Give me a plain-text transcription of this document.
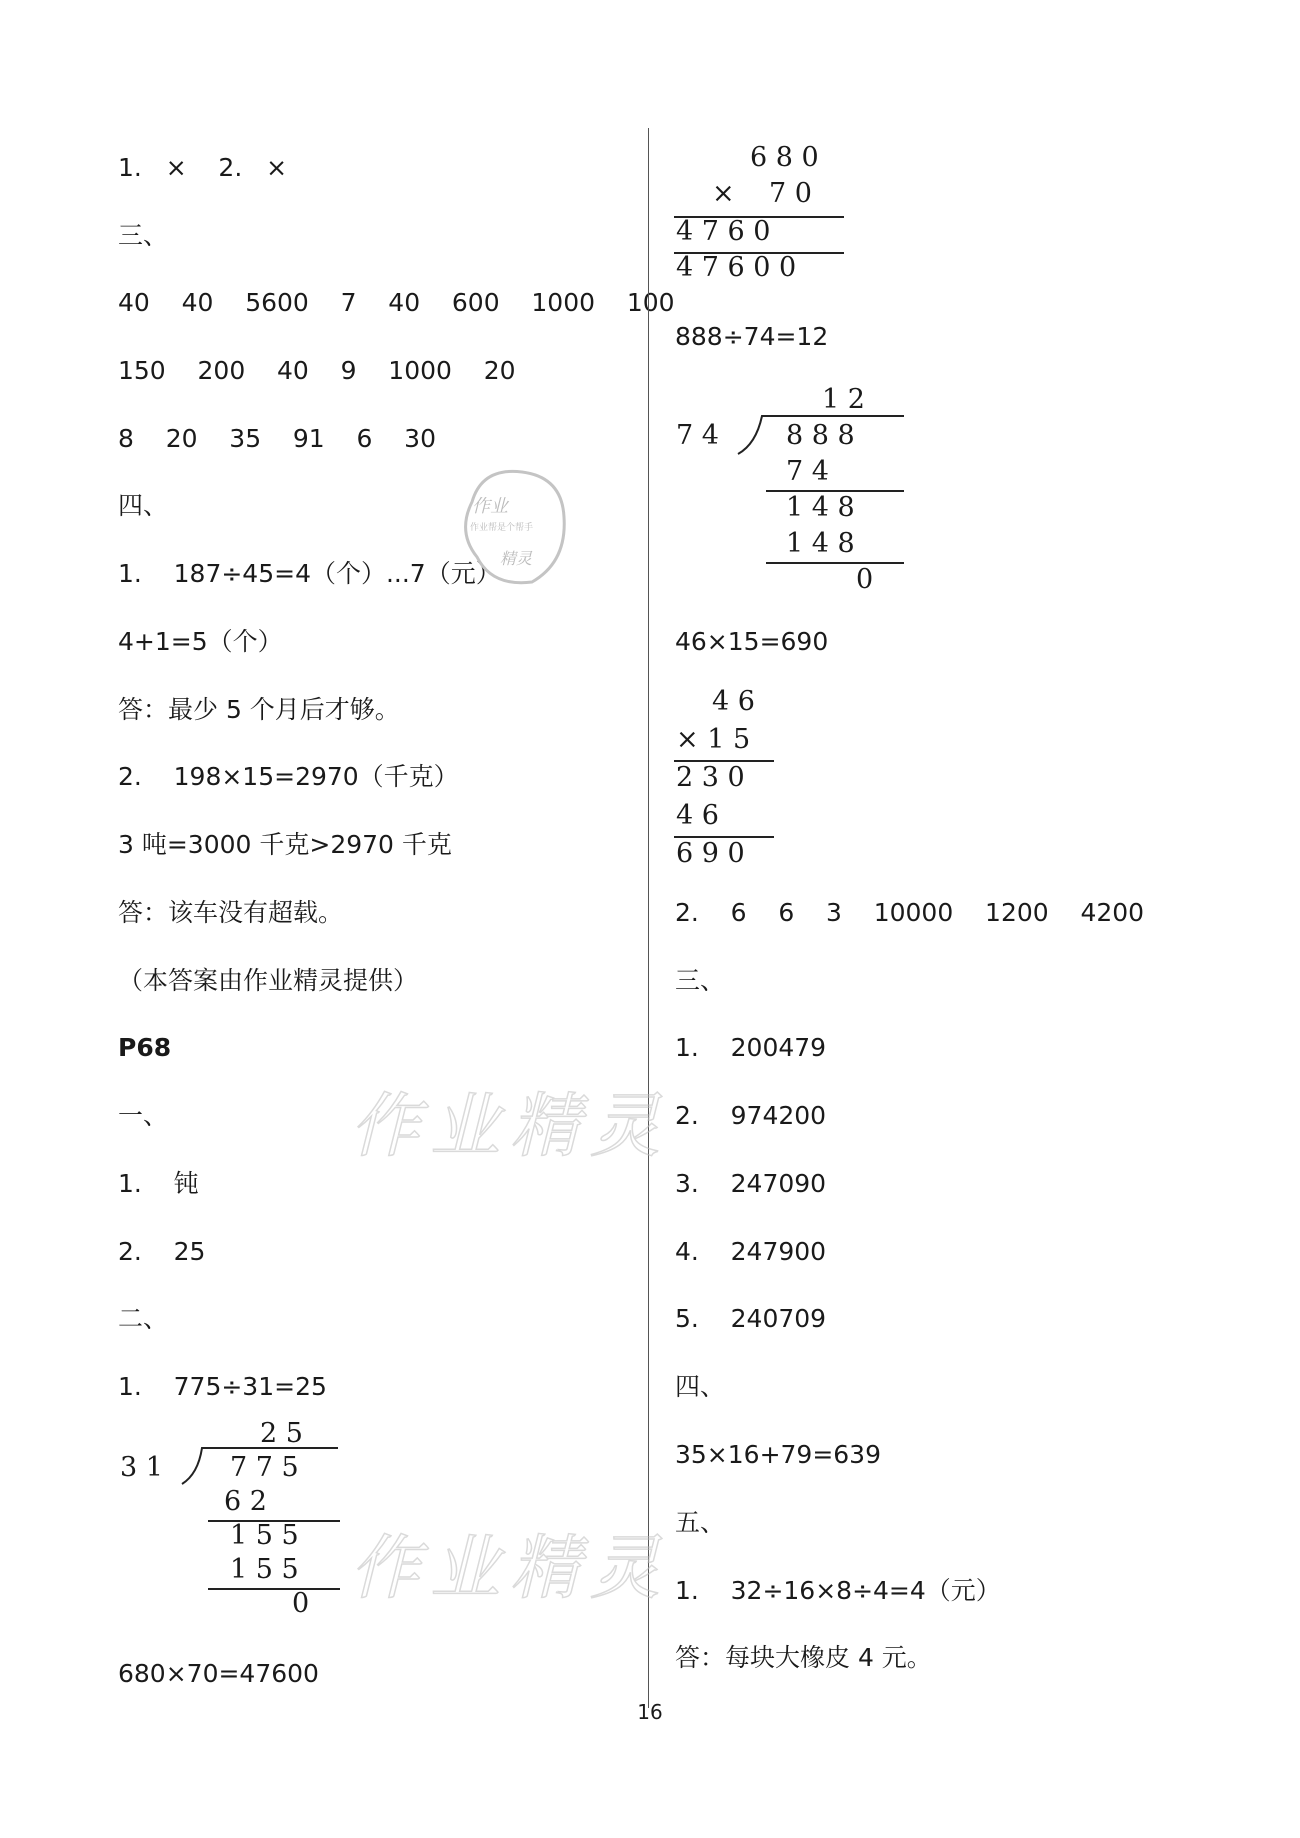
1.   ×    2.   ×
三、
40    40    5600    7    40    600    1000    100
150    200    40    9    1000    20
8    20    35    91    6    30
四、
1.    187÷45=4（个）...7（元）
4+1=5（个）
答：最少 5 个月后才够。
2.    198×15=2970（千克）
3 吨=3000 千克>2970 千克
答：该车没有超载。
（本答案由作业精灵提供）
P68
一、
1.    钝
2.    25
二、
1.    775÷31=25
2 5
3 1 7 7 5
6 2
1 5 5
1 5 5
0
680×70=47600
6 8 0
×    7 0
4 7 6 0
4 7 6 0 0
888÷74=12
1 2
7 4 8 8 8
7 4
1 4 8
1 4 8
0
46×15=690
4 6
× 1 5
2 3 0
4 6
6 9 0
2.    6    6    3    10000    1200    4200
三、
1.    200479
2.    974200
3.    247090
4.    247900
5.    240709
四、
35×16+79=639
五、
1.    32÷16×8÷4=4（元）
答：每块大橡皮 4 元。
作业精灵
作业精灵
作业
作业帮是个帮手
精灵
16
